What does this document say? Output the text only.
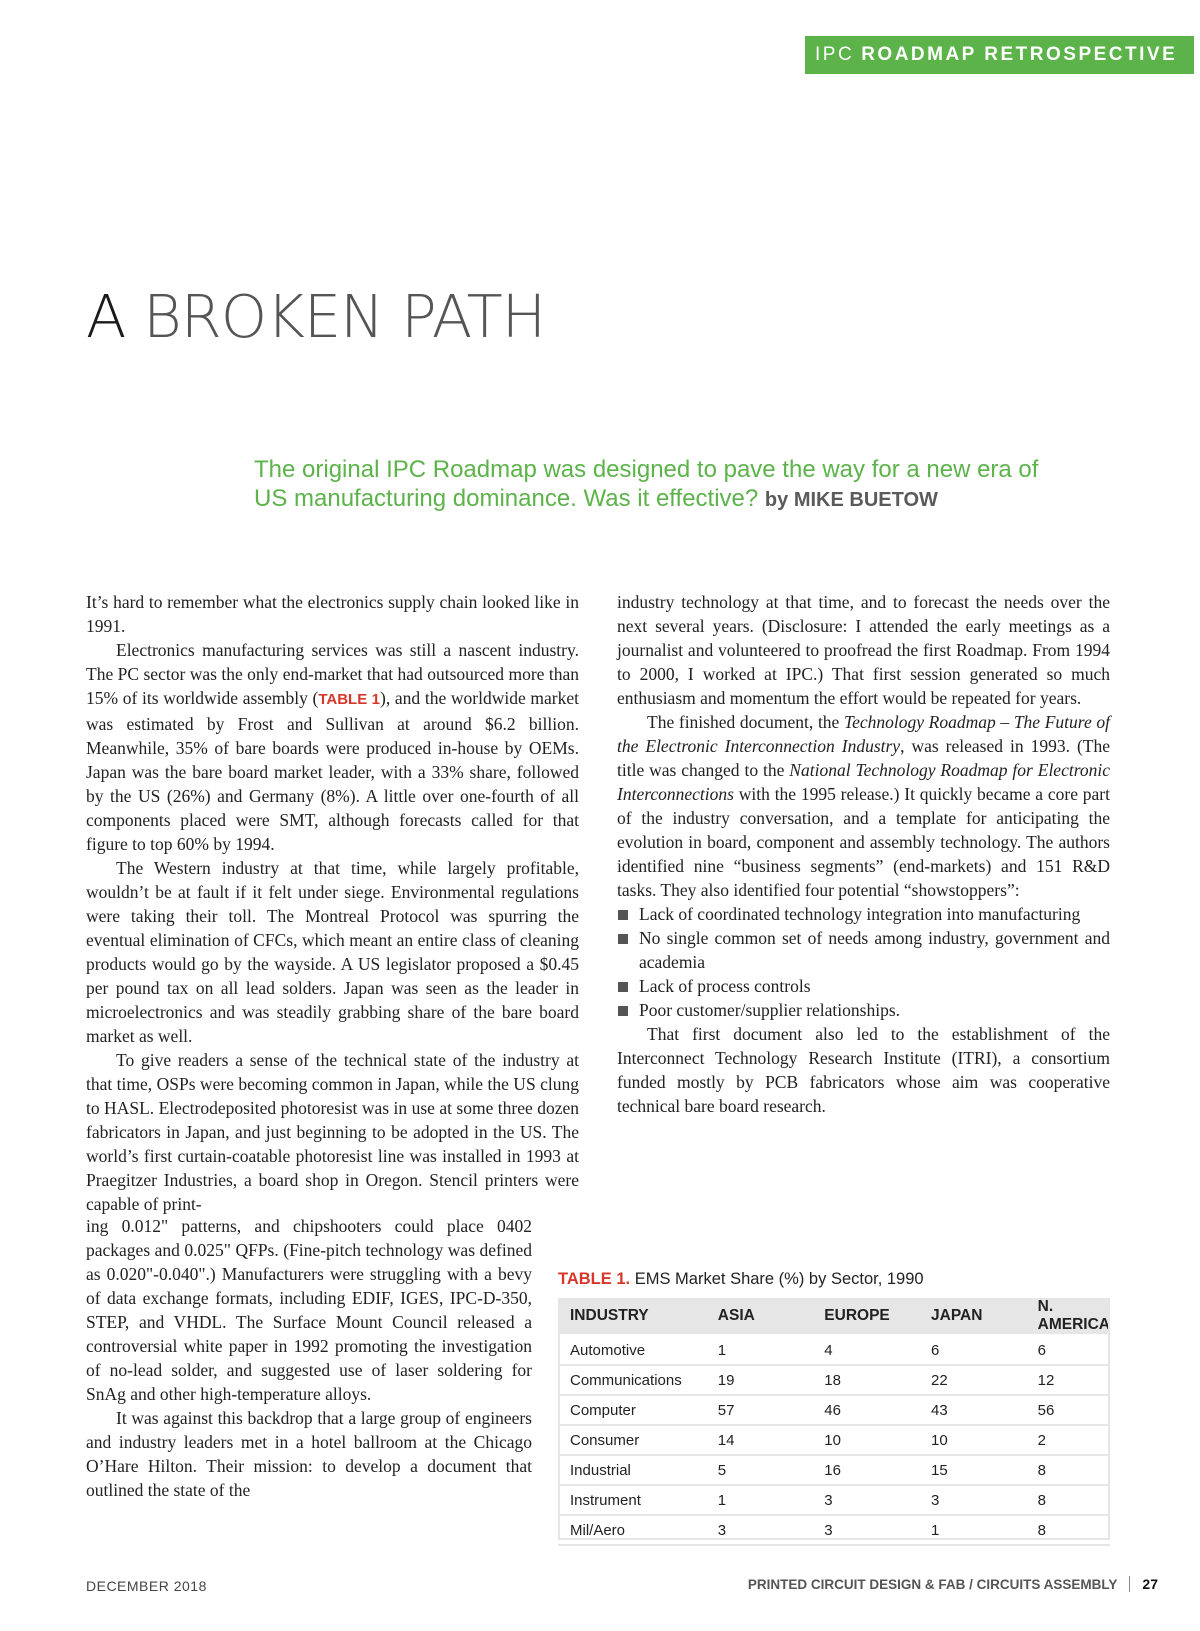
IPC ROADMAP RETROSPECTIVE
A BROKEN PATH
The original IPC Roadmap was designed to pave the way for a new era of US manufacturing dominance. Was it effective? by MIKE BUETOW

It’s hard to remember what the electronics supply chain looked like in 1991.

Electronics manufacturing services was still a nascent industry. The PC sector was the only end-market that had outsourced more than 15% of its worldwide assembly (TABLE 1), and the worldwide market was estimated by Frost and Sullivan at around $6.2 billion. Meanwhile, 35% of bare boards were produced in-house by OEMs. Japan was the bare board market leader, with a 33% share, followed by the US (26%) and Germany (8%). A little over one-fourth of all components placed were SMT, although forecasts called for that figure to top 60% by 1994.

The Western industry at that time, while largely profitable, wouldn’t be at fault if it felt under siege. Environmental regulations were taking their toll. The Montreal Protocol was spurring the eventual elimination of CFCs, which meant an entire class of cleaning products would go by the wayside. A US legislator proposed a $0.45 per pound tax on all lead solders. Japan was seen as the leader in microelectronics and was steadily grabbing share of the bare board market as well.

To give readers a sense of the technical state of the industry at that time, OSPs were becoming common in Japan, while the US clung to HASL. Electrodeposited photoresist was in use at some three dozen fabricators in Japan, and just beginning to be adopted in the US. The world’s first curtain-coatable photoresist line was installed in 1993 at Praegitzer Industries, a board shop in Oregon. Stencil printers were capable of print-

ing 0.012" patterns, and chipshooters could place 0402 packages and 0.025" QFPs. (Fine-pitch technology was defined as 0.020"-0.040".) Manufacturers were struggling with a bevy of data exchange formats, including EDIF, IGES, IPC-D-350, STEP, and VHDL. The Surface Mount Council released a controversial white paper in 1992 promoting the investigation of no-lead solder, and suggested use of laser soldering for SnAg and other high-temperature alloys.

It was against this backdrop that a large group of engineers and industry leaders met in a hotel ballroom at the Chicago O’Hare Hilton. Their mission: to develop a document that outlined the state of the

industry technology at that time, and to forecast the needs over the next several years. (Disclosure: I attended the early meetings as a journalist and volunteered to proofread the first Roadmap. From 1994 to 2000, I worked at IPC.) That first session generated so much enthusiasm and momentum the effort would be repeated for years.

The finished document, the Technology Roadmap – The Future of the Electronic Interconnection Industry, was released in 1993. (The title was changed to the National Technology Roadmap for Electronic Interconnections with the 1995 release.) It quickly became a core part of the industry conversation, and a template for anticipating the evolution in board, component and assembly technology. The authors identified nine “business segments” (end-markets) and 151 R&D tasks. They also identified four potential “showstoppers”:

Lack of coordinated technology integration into manufacturing
No single common set of needs among industry, government and academia
Lack of process controls
Poor customer/supplier relationships.

That first document also led to the establishment of the Interconnect Technology Research Institute (ITRI), a consortium funded mostly by PCB fabricators whose aim was cooperative technical bare board research.

TABLE 1. EMS Market Share (%) by Sector, 1990
INDUSTRY	ASIA	EUROPE	JAPAN	N. AMERICA
Automotive	1	4	6	6
Communications	19	18	22	12
Computer	57	46	43	56
Consumer	14	10	10	2
Industrial	5	16	15	8
Instrument	1	3	3	8
Mil/Aero	3	3	1	8
DECEMBER 2018	PRINTED CIRCUIT DESIGN & FAB / CIRCUITS ASSEMBLY 27
